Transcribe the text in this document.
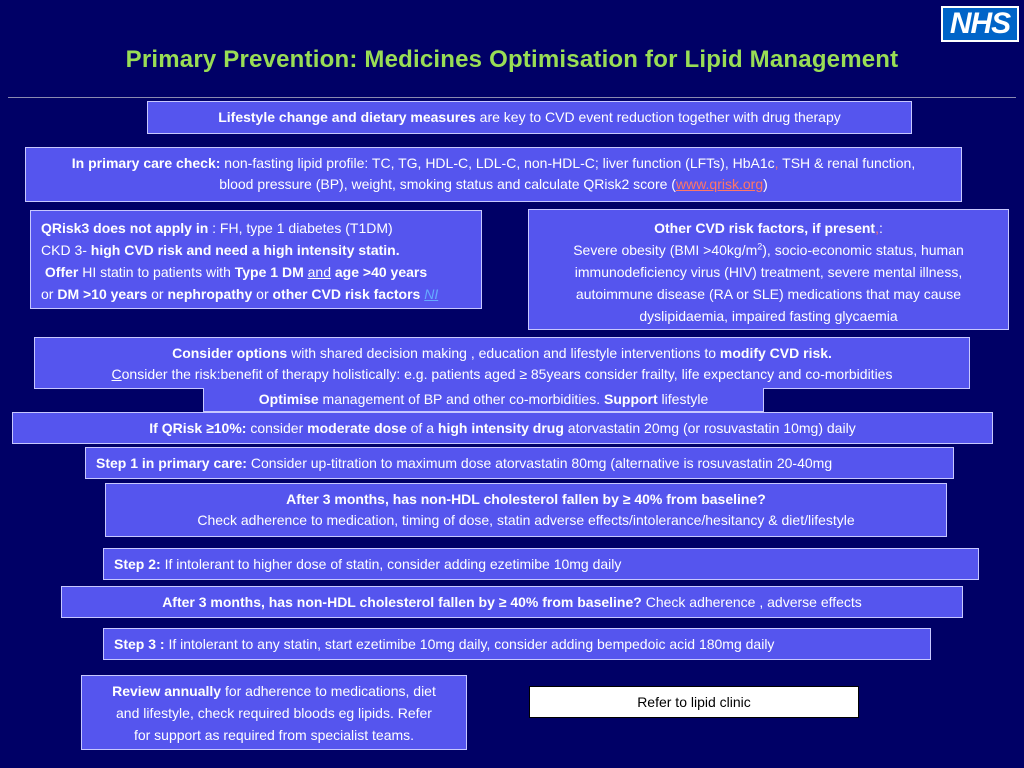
NHS
Primary Prevention: Medicines Optimisation for Lipid Management
Lifestyle change and dietary measures are key to CVD event reduction together with drug therapy
In primary care check: non-fasting lipid profile: TC, TG, HDL-C, LDL-C, non-HDL-C; liver function (LFTs), HbA1c, TSH & renal function,
blood pressure (BP), weight, smoking status and calculate QRisk2 score (www.qrisk.org)
QRisk3 does not apply in : FH, type 1 diabetes (T1DM)
CKD 3- high CVD risk and need a high intensity statin.
Offer HI statin to patients with Type 1 DM and age >40 years
or DM >10 years or nephropathy or other CVD risk factors NI
Other CVD risk factors, if present,:
Severe obesity $(BMI >40kg/m^2)$, socio-economic status, human
immunodeficiency virus (HIV) treatment, severe mental illness,
autoimmune disease (RA or SLE) medications that may cause
dyslipidaemia, impaired fasting glycaemia
Consider options with shared decision making , education and lifestyle interventions to modify CVD risk.
Consider the risk:benefit of therapy holistically: e.g. patients aged ≥ 85years consider frailty, life expectancy and co-morbidities
Optimise management of BP and other co-morbidities. Support lifestyle
If QRisk ≥10%: consider moderate dose of a high intensity drug atorvastatin 20mg (or rosuvastatin 10mg) daily
Step 1 in primary care: Consider up-titration to maximum dose atorvastatin 80mg (alternative is rosuvastatin 20-40mg
After 3 months, has non-HDL cholesterol fallen by ≥ 40% from baseline?
Check adherence to medication, timing of dose, statin adverse effects/intolerance/hesitancy & diet/lifestyle
Step 2: If intolerant to higher dose of statin, consider adding ezetimibe 10mg daily
After 3 months, has non-HDL cholesterol fallen by ≥ 40% from baseline? Check adherence , adverse effects
Step 3 : If intolerant to any statin, start ezetimibe 10mg daily, consider adding bempedoic acid 180mg daily
Review annually for adherence to medications, diet
and lifestyle, check required bloods eg lipids. Refer
for support as required from specialist teams.
Refer to lipid clinic
